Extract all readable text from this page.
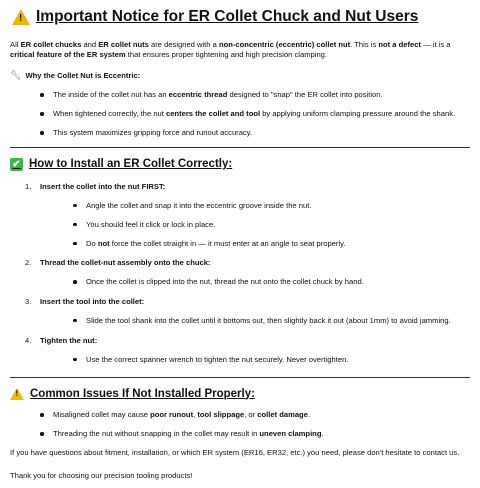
!
Important Notice for ER Collet Chuck and Nut Users

All ER collet chucks and ER collet nuts are designed with a non-concentric (eccentric) collet nut. This is not a defect — it is a critical feature of the ER system that ensures proper tightening and high precision clamping.

🔧︎ Why the Collet Nut is Eccentric:
The inside of the collet nut has an eccentric thread designed to "snap" the ER collet into position.
When tightened correctly, the nut centers the collet and tool by applying uniform clamping pressure around the shank.
This system maximizes gripping force and runout accuracy.
✔︎ How to Install an ER Collet Correctly:
1. Insert the collet into the nut FIRST:
Angle the collet and snap it into the eccentric groove inside the nut.
You should feel it click or lock in place.
Do not force the collet straight in — it must enter at an angle to seat properly.
2. Thread the collet-nut assembly onto the chuck:
Once the collet is clipped into the nut, thread the nut onto the collet chuck by hand.
3. Insert the tool into the collet:
Slide the tool shank into the collet until it bottoms out, then slightly back it out (about 1mm) to avoid jamming.
4. Tighten the nut:
Use the correct spanner wrench to tighten the nut securely. Never overtighten.
!
Common Issues If Not Installed Properly:
Misaligned collet may cause poor runout, tool slippage, or collet damage.
Threading the nut without snapping in the collet may result in uneven clamping.

If you have questions about fitment, installation, or which ER system (ER16, ER32, etc.) you need, please don't hesitate to contact us.

Thank you for choosing our precision tooling products!
